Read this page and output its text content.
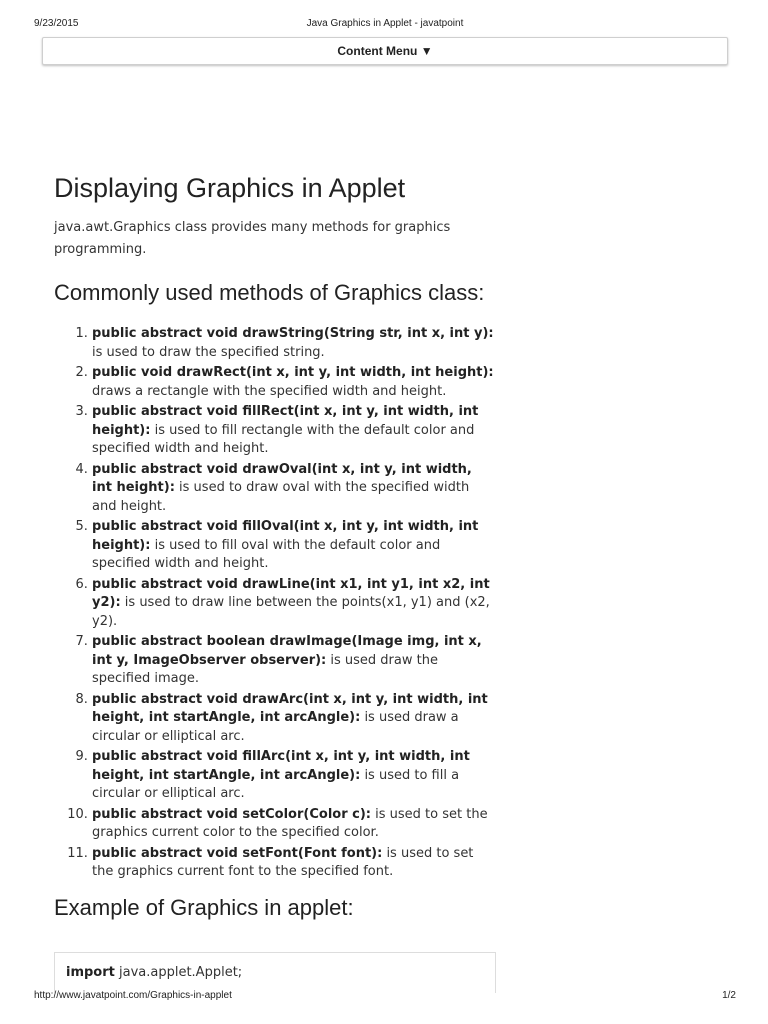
9/23/2015	Java Graphics in Applet - javatpoint
Content Menu ▼
Displaying Graphics in Applet

java.awt.Graphics class provides many methods for graphics programming.

Commonly used methods of Graphics class:
1. public abstract void drawString(String str, int x, int y): is used to draw the specified string.
2. public void drawRect(int x, int y, int width, int height): draws a rectangle with the specified width and height.
3. public abstract void fillRect(int x, int y, int width, int height): is used to fill rectangle with the default color and specified width and height.
4. public abstract void drawOval(int x, int y, int width, int height): is used to draw oval with the specified width and height.
5. public abstract void fillOval(int x, int y, int width, int height): is used to fill oval with the default color and specified width and height.
6. public abstract void drawLine(int x1, int y1, int x2, int y2): is used to draw line between the points(x1, y1) and (x2, y2).
7. public abstract boolean drawImage(Image img, int x, int y, ImageObserver observer): is used draw the specified image.
8. public abstract void drawArc(int x, int y, int width, int height, int startAngle, int arcAngle): is used draw a circular or elliptical arc.
9. public abstract void fillArc(int x, int y, int width, int height, int startAngle, int arcAngle): is used to fill a circular or elliptical arc.
10. public abstract void setColor(Color c): is used to set the graphics current color to the specified color.
11. public abstract void setFont(Font font): is used to set the graphics current font to the specified font.
Example of Graphics in applet:
import java.applet.Applet;
http://www.javatpoint.com/Graphics-in-applet	1/2
